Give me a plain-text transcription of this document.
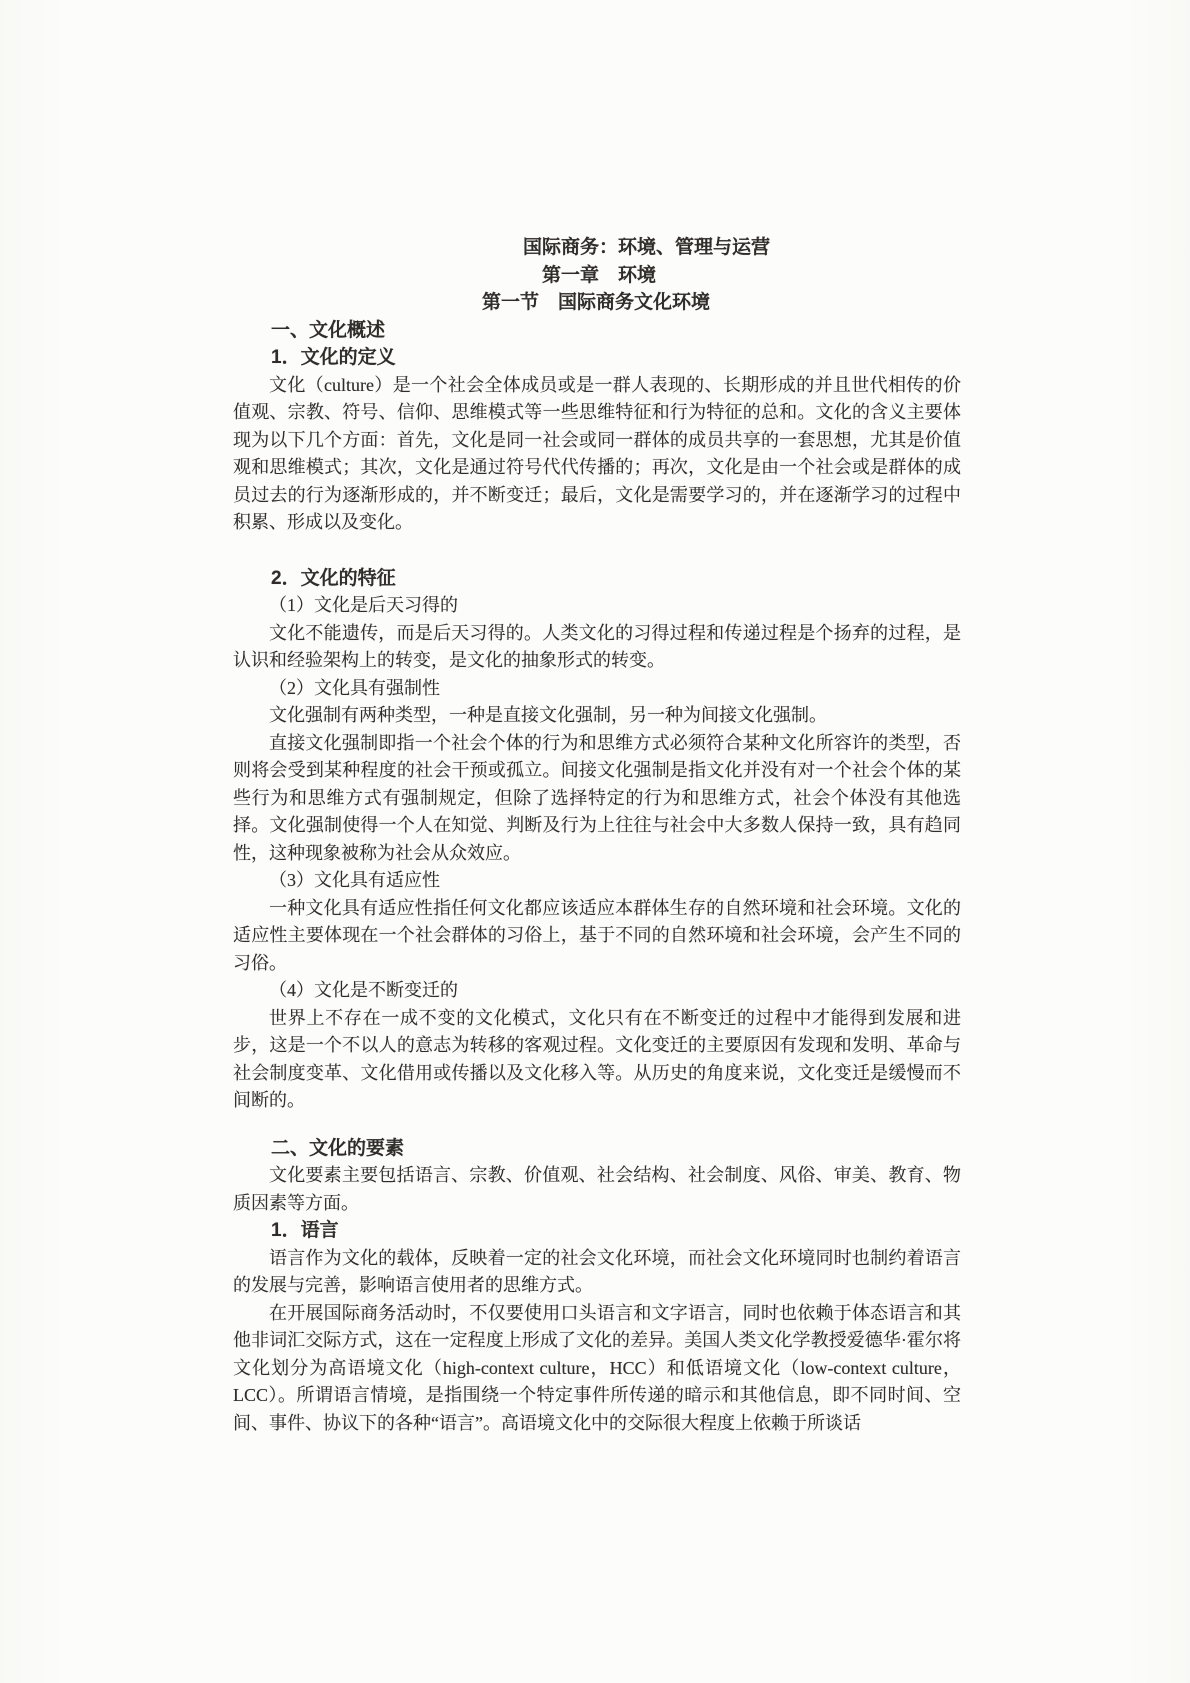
国际商务：环境、管理与运营
第一章　环境
第一节　国际商务文化环境
一、文化概述
1．文化的定义

文化（culture）是一个社会全体成员或是一群人表现的、长期形成的并且世代相传的价值观、宗教、符号、信仰、思维模式等一些思维特征和行为特征的总和。文化的含义主要体现为以下几个方面：首先，文化是同一社会或同一群体的成员共享的一套思想，尤其是价值观和思维模式；其次，文化是通过符号代代传播的；再次，文化是由一个社会或是群体的成员过去的行为逐渐形成的，并不断变迁；最后，文化是需要学习的，并在逐渐学习的过程中积累、形成以及变化。

2．文化的特征
（1）文化是后天习得的

文化不能遗传，而是后天习得的。人类文化的习得过程和传递过程是个扬弃的过程，是认识和经验架构上的转变，是文化的抽象形式的转变。

（2）文化具有强制性

文化强制有两种类型，一种是直接文化强制，另一种为间接文化强制。

直接文化强制即指一个社会个体的行为和思维方式必须符合某种文化所容许的类型，否则将会受到某种程度的社会干预或孤立。间接文化强制是指文化并没有对一个社会个体的某些行为和思维方式有强制规定，但除了选择特定的行为和思维方式，社会个体没有其他选择。文化强制使得一个人在知觉、判断及行为上往往与社会中大多数人保持一致，具有趋同性，这种现象被称为社会从众效应。

（3）文化具有适应性

一种文化具有适应性指任何文化都应该适应本群体生存的自然环境和社会环境。文化的适应性主要体现在一个社会群体的习俗上，基于不同的自然环境和社会环境，会产生不同的习俗。

（4）文化是不断变迁的

世界上不存在一成不变的文化模式，文化只有在不断变迁的过程中才能得到发展和进步，这是一个不以人的意志为转移的客观过程。文化变迁的主要原因有发现和发明、革命与社会制度变革、文化借用或传播以及文化移入等。从历史的角度来说，文化变迁是缓慢而不间断的。

二、文化的要素

文化要素主要包括语言、宗教、价值观、社会结构、社会制度、风俗、审美、教育、物质因素等方面。

1．语言

语言作为文化的载体，反映着一定的社会文化环境，而社会文化环境同时也制约着语言的发展与完善，影响语言使用者的思维方式。

在开展国际商务活动时，不仅要使用口头语言和文字语言，同时也依赖于体态语言和其他非词汇交际方式，这在一定程度上形成了文化的差异。美国人类文化学教授爱德华·霍尔将文化划分为高语境文化（high-context culture，HCC）和低语境文化（low-context culture，LCC）。所谓语言情境，是指围绕一个特定事件所传递的暗示和其他信息，即不同时间、空间、事件、协议下的各种“语言”。高语境文化中的交际很大程度上依赖于所谈话
